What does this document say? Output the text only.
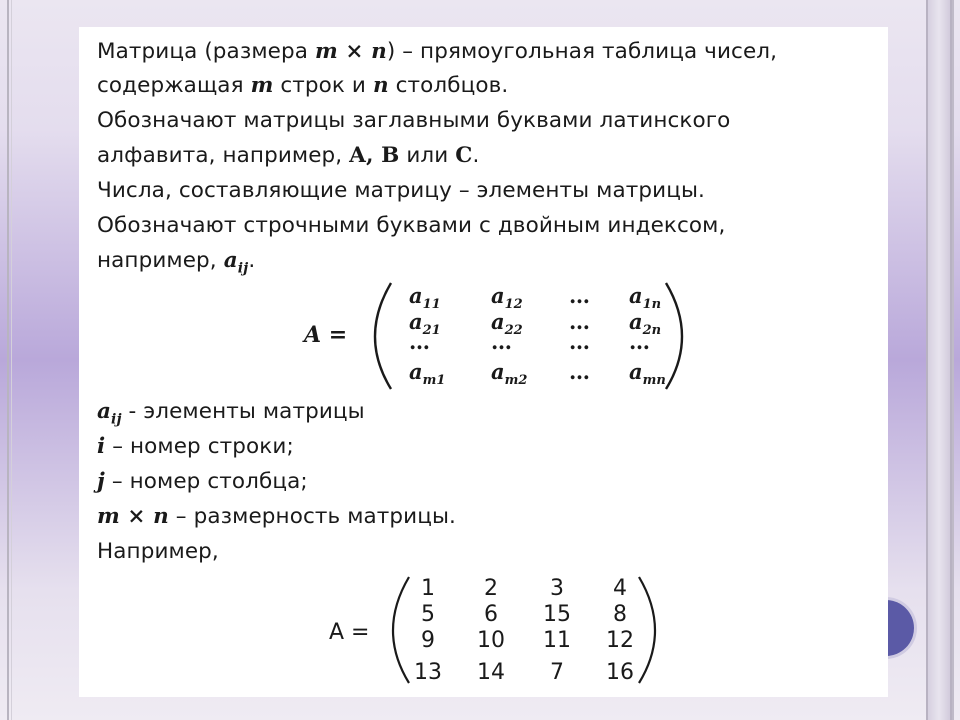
Матрица (размера m × n) – прямоугольная таблица чисел,
содержащая m строк и n столбцов.
Обозначают матрицы заглавными буквами латинского
алфавита, например, A, B или C.
Числа, составляющие матрицу – элементы матрицы.
Обозначают строчными буквами с двойным индексом,
например, $a_{ij}$.
A =
$a_{11}$ $a_{12}$ … $a_{1n}$
$a_{21}$ $a_{22}$ … $a_{2n}$
…	…	… …
$a_{m1}$ $a_{m2}$ … $a_{mn}$
$a_{ij}$ - элементы матрицы
i – номер строки;
j – номер столбца;
m × n – размерность матрицы.
Например,
A =
1 2 3 4
5 6 15 8
9 10 11 12
13 14 7 16
